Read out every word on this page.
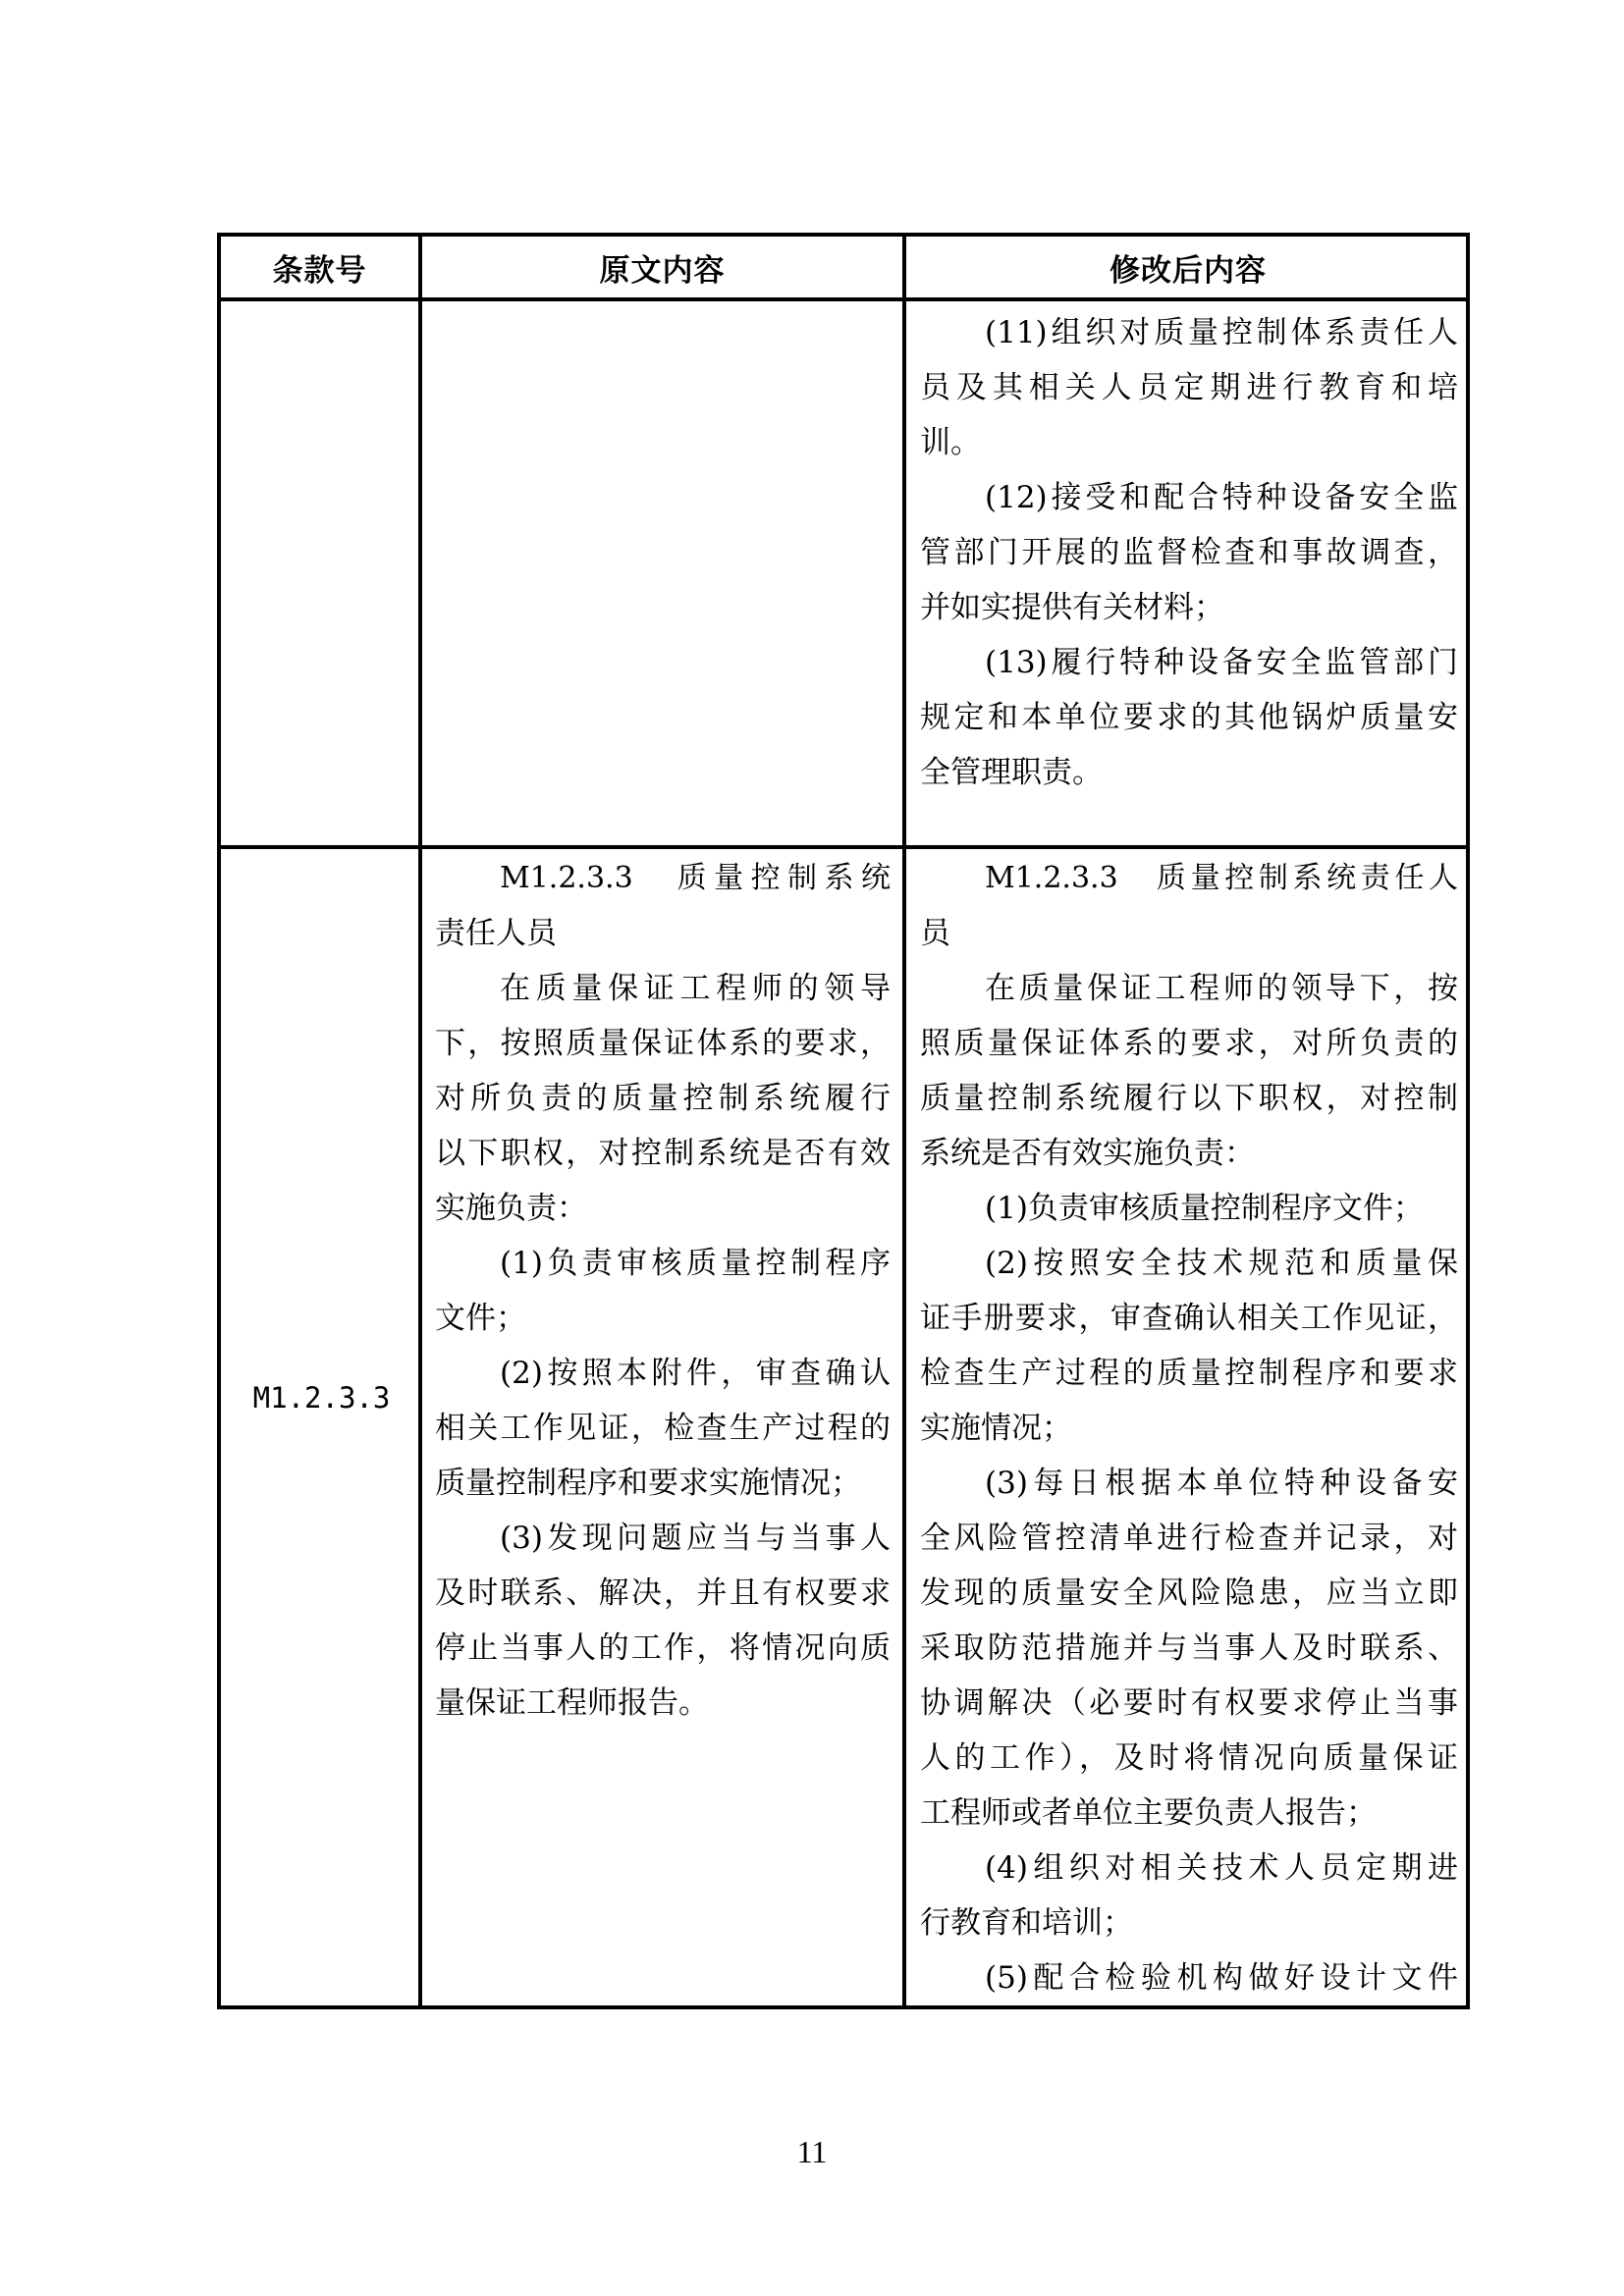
条款号	原文内容	修改后内容
(11)组织对质量控制体系责任人
员及其相关人员定期进行教育和培
训。
(12)接受和配合特种设备安全监
管部门开展的监督检查和事故调查，
并如实提供有关材料；
(13)履行特种设备安全监管部门
规定和本单位要求的其他锅炉质量安
全管理职责。
M1.2.3.3
M1.2.3.3　质量控制系统
责任人员
在质量保证工程师的领导
下，按照质量保证体系的要求，
对所负责的质量控制系统履行
以下职权，对控制系统是否有效
实施负责：
(1)负责审核质量控制程序
文件；
(2)按照本附件，审查确认
相关工作见证，检查生产过程的
质量控制程序和要求实施情况；
(3)发现问题应当与当事人
及时联系、解决，并且有权要求
停止当事人的工作，将情况向质
量保证工程师报告。
M1.2.3.3　质量控制系统责任人
员
在质量保证工程师的领导下，按
照质量保证体系的要求，对所负责的
质量控制系统履行以下职权，对控制
系统是否有效实施负责：
(1)负责审核质量控制程序文件；
(2)按照安全技术规范和质量保
证手册要求，审查确认相关工作见证，
检查生产过程的质量控制程序和要求
实施情况；
(3)每日根据本单位特种设备安
全风险管控清单进行检查并记录，对
发现的质量安全风险隐患，应当立即
采取防范措施并与当事人及时联系、
协调解决（必要时有权要求停止当事
人的工作），及时将情况向质量保证
工程师或者单位主要负责人报告；
(4)组织对相关技术人员定期进
行教育和培训；
(5)配合检验机构做好设计文件
11
